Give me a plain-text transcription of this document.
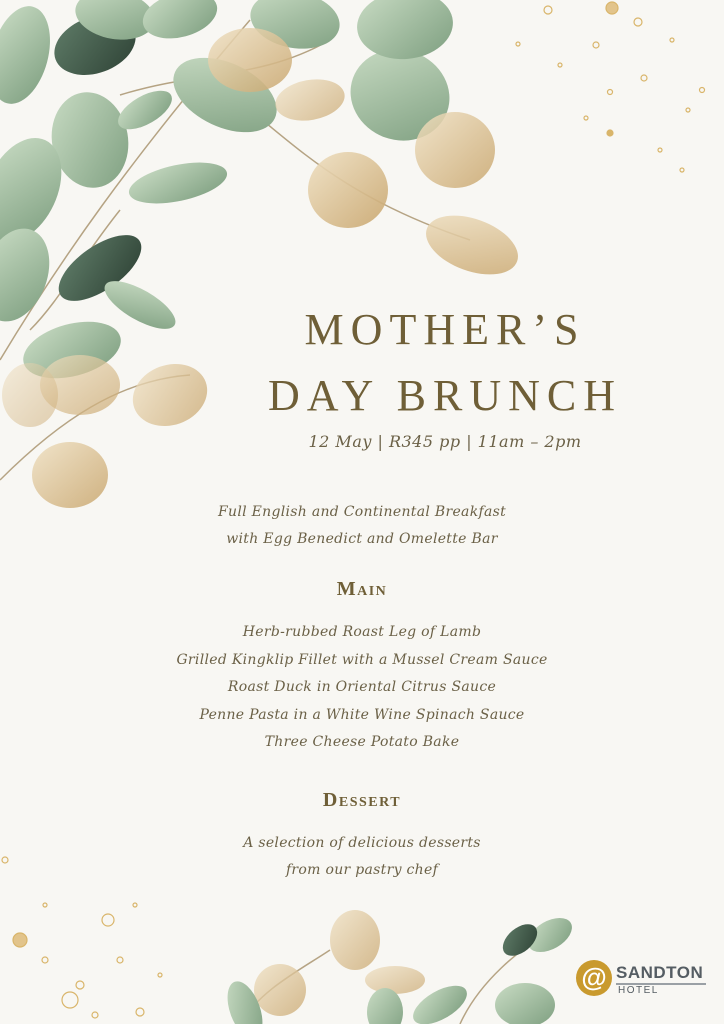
MOTHER’S
DAY BRUNCH
12 May | R345 pp | 11am – 2pm
Full English and Continental Breakfast
with Egg Benedict and Omelette Bar
Main
Herb-rubbed Roast Leg of Lamb
Grilled Kingklip Fillet with a Mussel Cream Sauce
Roast Duck in Oriental Citrus Sauce
Penne Pasta in a White Wine Spinach Sauce
Three Cheese Potato Bake
Dessert
A selection of delicious desserts
from our pastry chef
@ SANDTON
HOTEL
